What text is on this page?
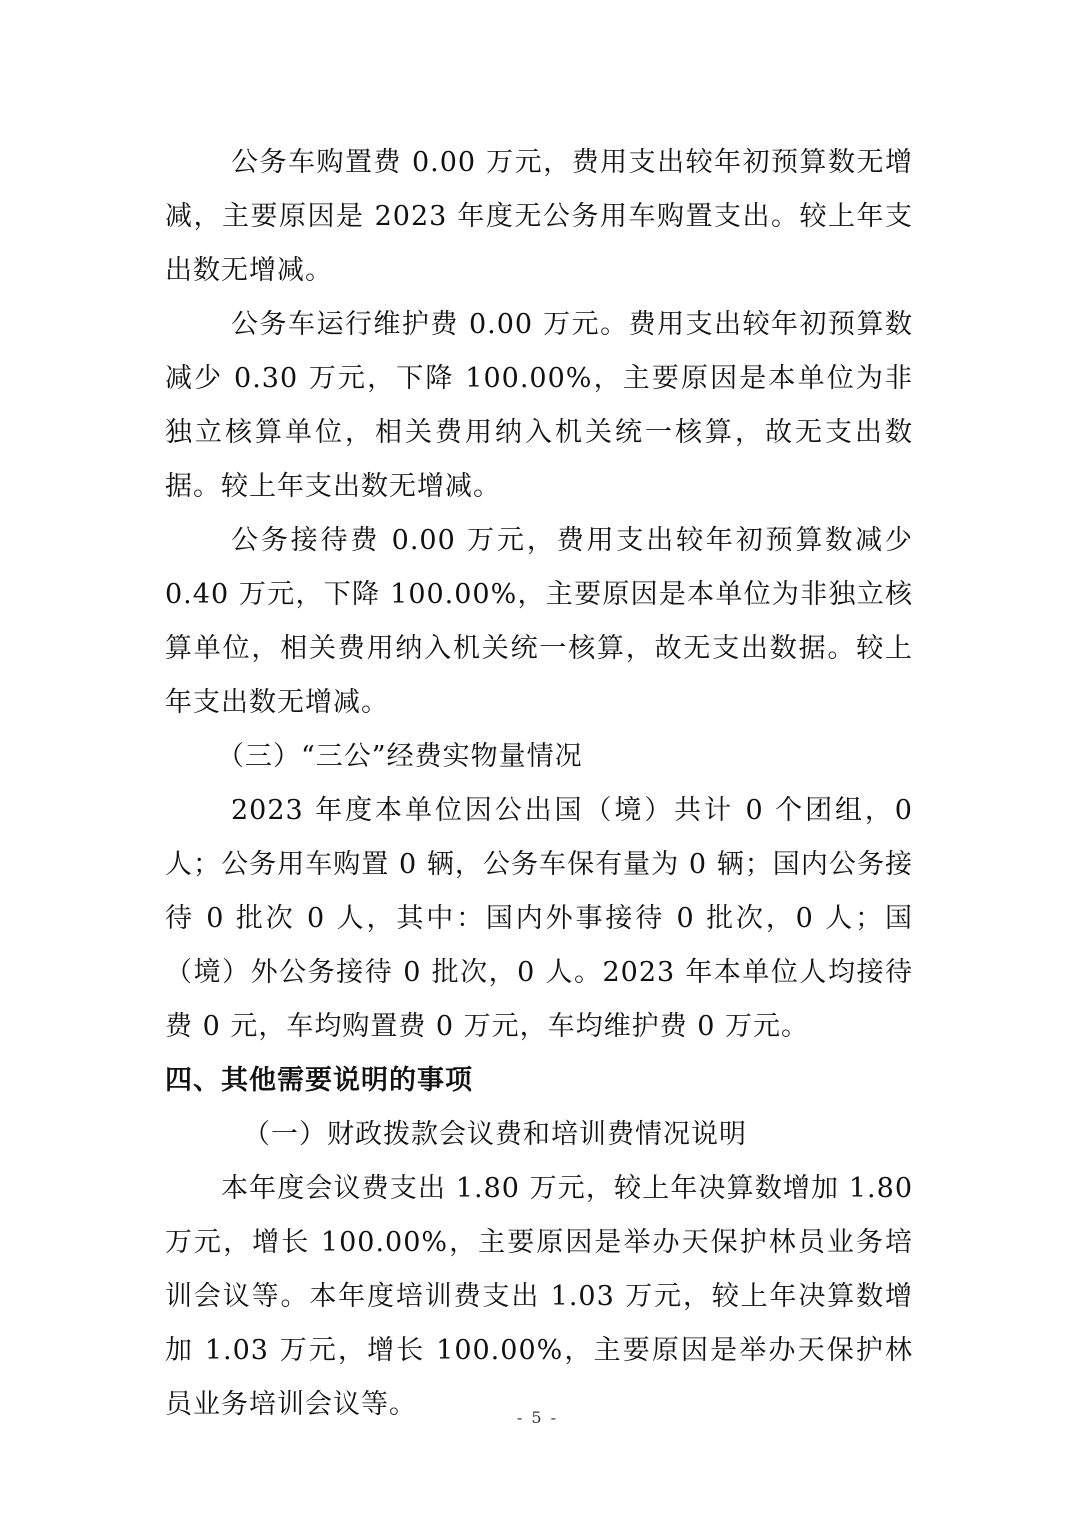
公务车购置费 0.00 万元，费用支出较年初预算数无增减，主要原因是 2023 年度无公务用车购置支出。较上年支出数无增减。

公务车运行维护费 0.00 万元。费用支出较年初预算数减少 0.30 万元，下降 100.00%，主要原因是本单位为非独立核算单位，相关费用纳入机关统一核算，故无支出数据。较上年支出数无增减。

公务接待费 0.00 万元，费用支出较年初预算数减少 0.40 万元，下降 100.00%，主要原因是本单位为非独立核算单位，相关费用纳入机关统一核算，故无支出数据。较上年支出数无增减。

（三）“三公”经费实物量情况

2023 年度本单位因公出国（境）共计 0 个团组，0 人；公务用车购置 0 辆，公务车保有量为 0 辆；国内公务接待 0 批次 0 人，其中：国内外事接待 0 批次，0 人；国（境）外公务接待 0 批次，0 人。2023 年本单位人均接待费 0 元，车均购置费 0 万元，车均维护费 0 万元。

四、其他需要说明的事项

（一）财政拨款会议费和培训费情况说明

本年度会议费支出 1.80 万元，较上年决算数增加 1.80 万元，增长 100.00%，主要原因是举办天保护林员业务培训会议等。本年度培训费支出 1.03 万元，较上年决算数增加 1.03 万元，增长 100.00%，主要原因是举办天保护林员业务培训会议等。	- 5 -
